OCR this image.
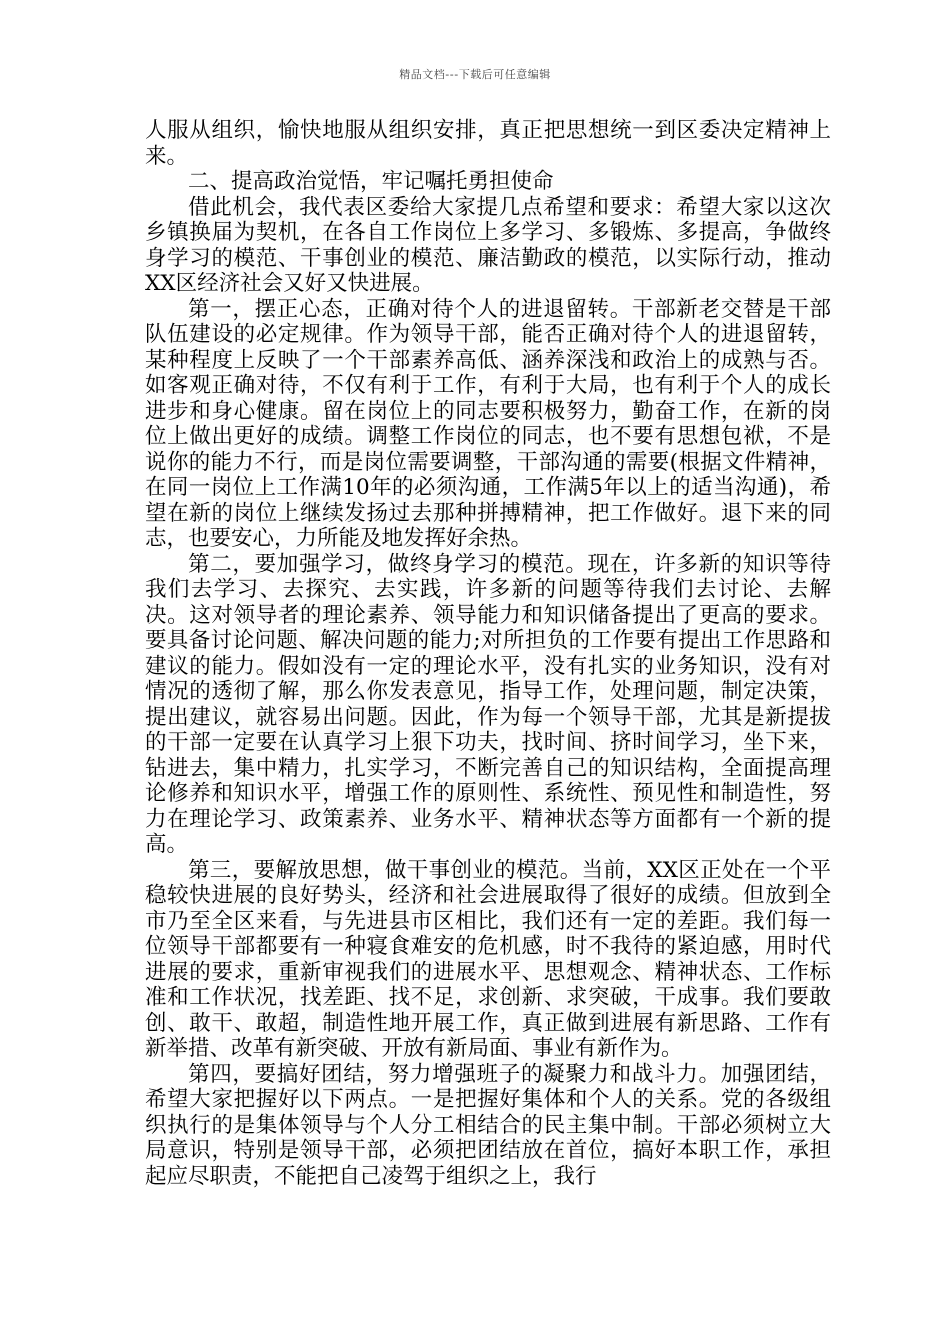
精品文档---下载后可任意编辑

人服从组织，愉快地服从组织安排，真正把思想统一到区委决定精神上来。

二、提高政治觉悟，牢记嘱托勇担使命

借此机会，我代表区委给大家提几点希望和要求：希望大家以这次乡镇换届为契机，在各自工作岗位上多学习、多锻炼、多提高，争做终身学习的模范、干事创业的模范、廉洁勤政的模范，以实际行动，推动XX区经济社会又好又快进展。

第一，摆正心态，正确对待个人的进退留转。干部新老交替是干部队伍建设的必定规律。作为领导干部，能否正确对待个人的进退留转，某种程度上反映了一个干部素养高低、涵养深浅和政治上的成熟与否。如客观正确对待，不仅有利于工作，有利于大局，也有利于个人的成长进步和身心健康。留在岗位上的同志要积极努力，勤奋工作，在新的岗位上做出更好的成绩。调整工作岗位的同志，也不要有思想包袱，不是说你的能力不行，而是岗位需要调整，干部沟通的需要(根据文件精神，在同一岗位上工作满10年的必须沟通，工作满5年以上的适当沟通)，希望在新的岗位上继续发扬过去那种拼搏精神，把工作做好。退下来的同志，也要安心，力所能及地发挥好余热。

第二，要加强学习，做终身学习的模范。现在，许多新的知识等待我们去学习、去探究、去实践，许多新的问题等待我们去讨论、去解决。这对领导者的理论素养、领导能力和知识储备提出了更高的要求。要具备讨论问题、解决问题的能力;对所担负的工作要有提出工作思路和建议的能力。假如没有一定的理论水平，没有扎实的业务知识，没有对情况的透彻了解，那么你发表意见，指导工作，处理问题，制定决策，提出建议，就容易出问题。因此，作为每一个领导干部，尤其是新提拔的干部一定要在认真学习上狠下功夫，找时间、挤时间学习，坐下来，钻进去，集中精力，扎实学习，不断完善自己的知识结构，全面提高理论修养和知识水平，增强工作的原则性、系统性、预见性和制造性，努力在理论学习、政策素养、业务水平、精神状态等方面都有一个新的提高。

第三，要解放思想，做干事创业的模范。当前，XX区正处在一个平稳较快进展的良好势头，经济和社会进展取得了很好的成绩。但放到全市乃至全区来看，与先进县市区相比，我们还有一定的差距。我们每一位领导干部都要有一种寝食难安的危机感，时不我待的紧迫感，用时代进展的要求，重新审视我们的进展水平、思想观念、精神状态、工作标准和工作状况，找差距、找不足，求创新、求突破，干成事。我们要敢创、敢干、敢超，制造性地开展工作，真正做到进展有新思路、工作有新举措、改革有新突破、开放有新局面、事业有新作为。

第四，要搞好团结，努力增强班子的凝聚力和战斗力。加强团结，希望大家把握好以下两点。一是把握好集体和个人的关系。党的各级组织执行的是集体领导与个人分工相结合的民主集中制。干部必须树立大局意识，特别是领导干部，必须把团结放在首位，搞好本职工作，承担起应尽职责，不能把自己凌驾于组织之上，我行
